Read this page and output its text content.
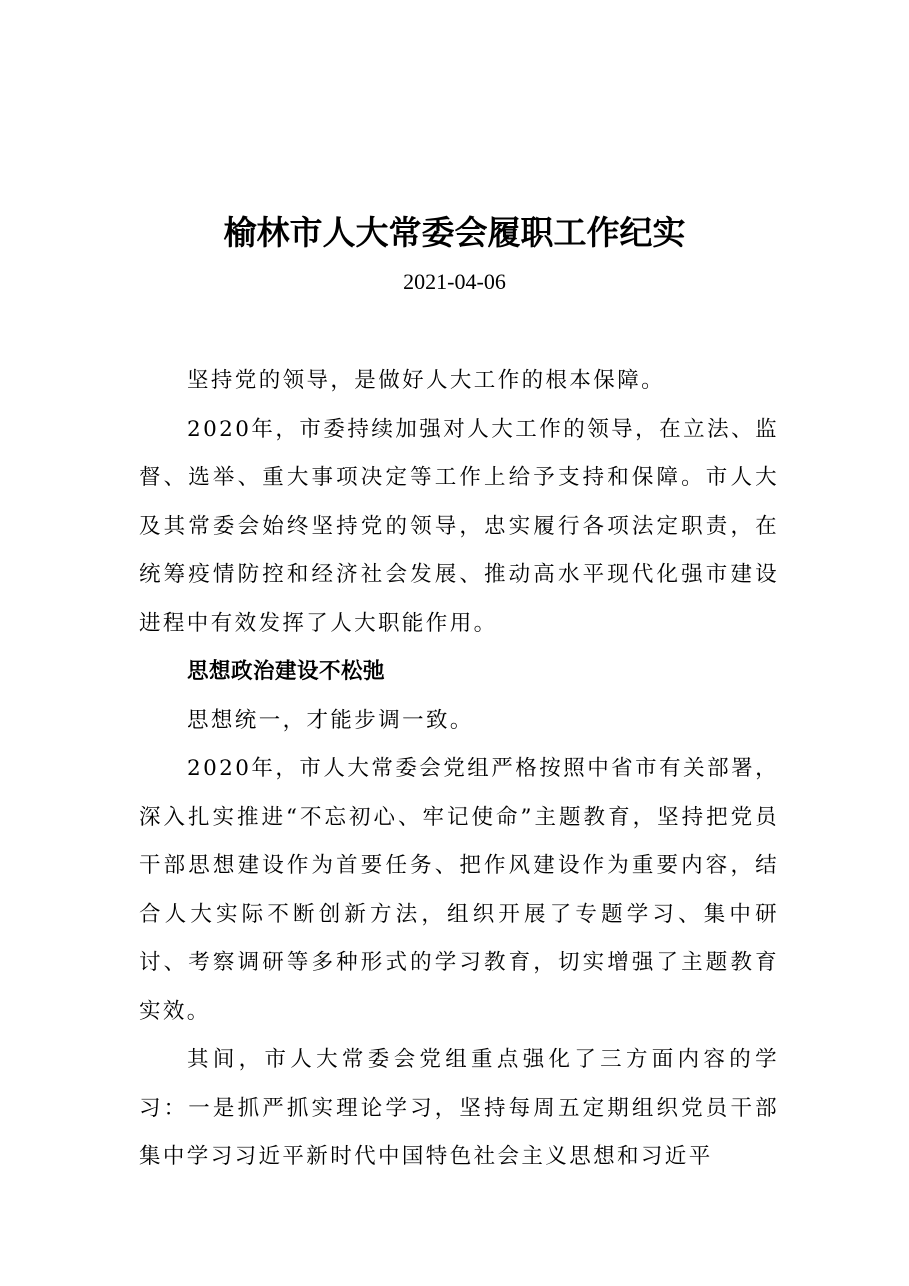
榆林市人大常委会履职工作纪实
2021-04-06

坚持党的领导，是做好人大工作的根本保障。

2020年，市委持续加强对人大工作的领导，在立法、监督、选举、重大事项决定等工作上给予支持和保障。市人大及其常委会始终坚持党的领导，忠实履行各项法定职责，在统筹疫情防控和经济社会发展、推动高水平现代化强市建设进程中有效发挥了人大职能作用。

思想政治建设不松弛

思想统一，才能步调一致。

2020年，市人大常委会党组严格按照中省市有关部署，深入扎实推进“不忘初心、牢记使命”主题教育，坚持把党员干部思想建设作为首要任务、把作风建设作为重要内容，结合人大实际不断创新方法，组织开展了专题学习、集中研讨、考察调研等多种形式的学习教育，切实增强了主题教育实效。

其间，市人大常委会党组重点强化了三方面内容的学习：一是抓严抓实理论学习，坚持每周五定期组织党员干部集中学习习近平新时代中国特色社会主义思想和习近平
